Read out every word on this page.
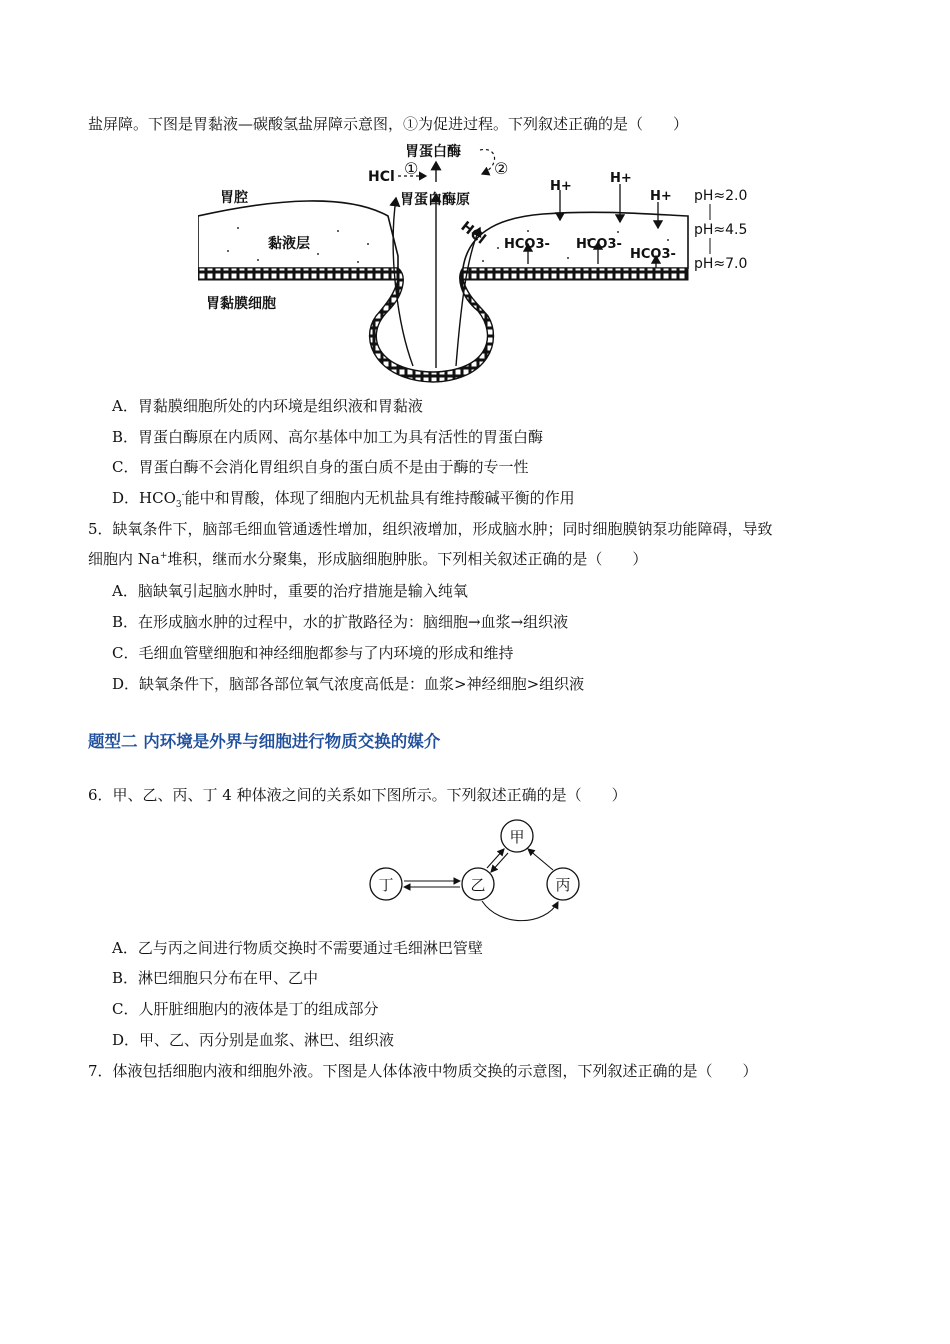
盐屏障。下图是胃黏液—碳酸氢盐屏障示意图，①为促进过程。下列叙述正确的是（　　）
胃蛋白酶
HCl ①	②
胃蛋白酶原
胃腔
黏液层
胃黏膜细胞
HCl HCO3- HCO3-
HCO3-
H+
H+
H+ pH≈2.0
pH≈4.5
pH≈7.0
A．胃黏膜细胞所处的内环境是组织液和胃黏液
B．胃蛋白酶原在内质网、高尔基体中加工为具有活性的胃蛋白酶
C．胃蛋白酶不会消化胃组织自身的蛋白质不是由于酶的专一性
D．$HCO_3^-$能中和胃酸，体现了细胞内无机盐具有维持酸碱平衡的作用
5．缺氧条件下，脑部毛细血管通透性增加，组织液增加，形成脑水肿；同时细胞膜钠泵功能障碍，导致
细胞内 Na+堆积，继而水分聚集，形成脑细胞肿胀。下列相关叙述正确的是（　　）
A．脑缺氧引起脑水肿时，重要的治疗措施是输入纯氧
B．在形成脑水肿的过程中，水的扩散路径为：脑细胞→血浆→组织液
C．毛细血管壁细胞和神经细胞都参与了内环境的形成和维持
D．缺氧条件下，脑部各部位氧气浓度高低是：血浆>神经细胞>组织液
题型二 内环境是外界与细胞进行物质交换的媒介
6．甲、乙、丙、丁 4 种体液之间的关系如下图所示。下列叙述正确的是（　　）
甲
乙	丙
丁
A．乙与丙之间进行物质交换时不需要通过毛细淋巴管壁
B．淋巴细胞只分布在甲、乙中
C．人肝脏细胞内的液体是丁的组成部分
D．甲、乙、丙分别是血浆、淋巴、组织液
7．体液包括细胞内液和细胞外液。下图是人体体液中物质交换的示意图，下列叙述正确的是（　　）
